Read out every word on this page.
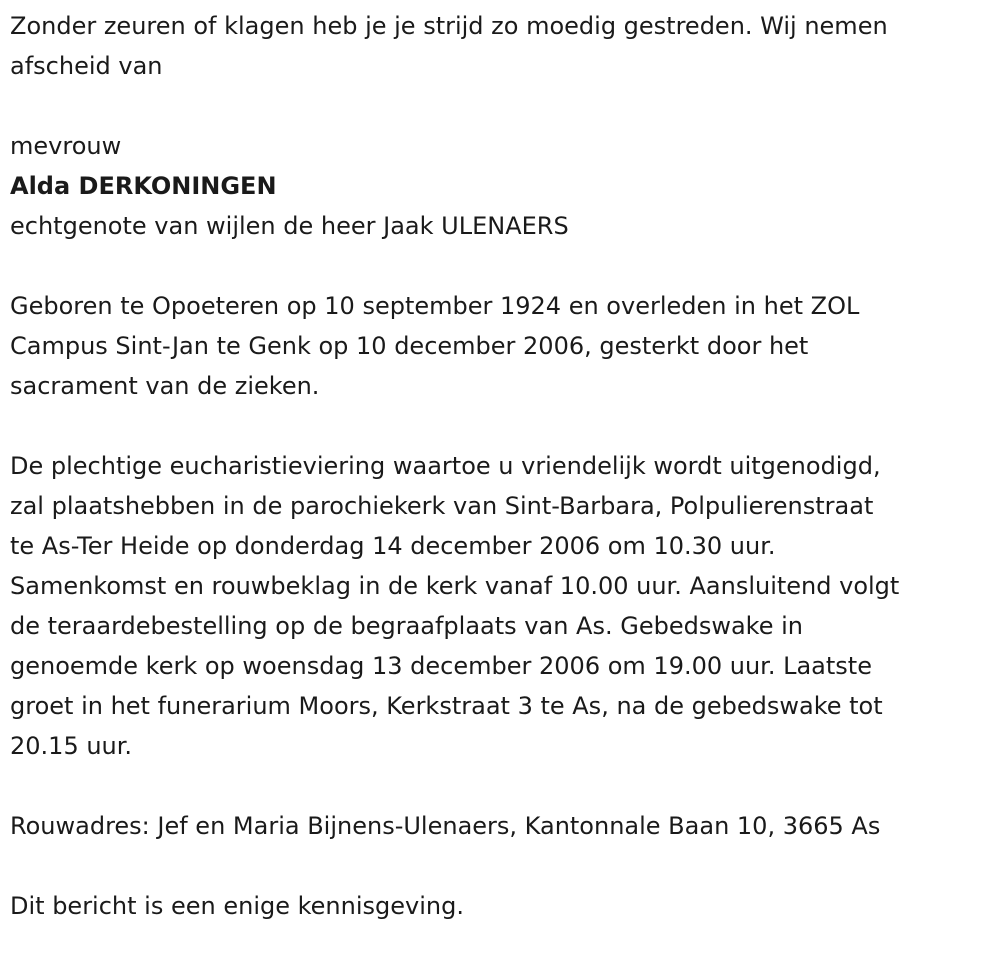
Zonder zeuren of klagen heb je je strijd zo moedig gestreden. Wij nemen
afscheid van
mevrouw
Alda DERKONINGEN
echtgenote van wijlen de heer Jaak ULENAERS
Geboren te Opoeteren op 10 september 1924 en overleden in het ZOL
Campus Sint-Jan te Genk op 10 december 2006, gesterkt door het
sacrament van de zieken.
De plechtige eucharistieviering waartoe u vriendelijk wordt uitgenodigd,
zal plaatshebben in de parochiekerk van Sint-Barbara, Polpulierenstraat
te As-Ter Heide op donderdag 14 december 2006 om 10.30 uur.
Samenkomst en rouwbeklag in de kerk vanaf 10.00 uur. Aansluitend volgt
de teraardebestelling op de begraafplaats van As. Gebedswake in
genoemde kerk op woensdag 13 december 2006 om 19.00 uur. Laatste
groet in het funerarium Moors, Kerkstraat 3 te As, na de gebedswake tot
20.15 uur.
Rouwadres: Jef en Maria Bijnens-Ulenaers, Kantonnale Baan 10, 3665 As
Dit bericht is een enige kennisgeving.
